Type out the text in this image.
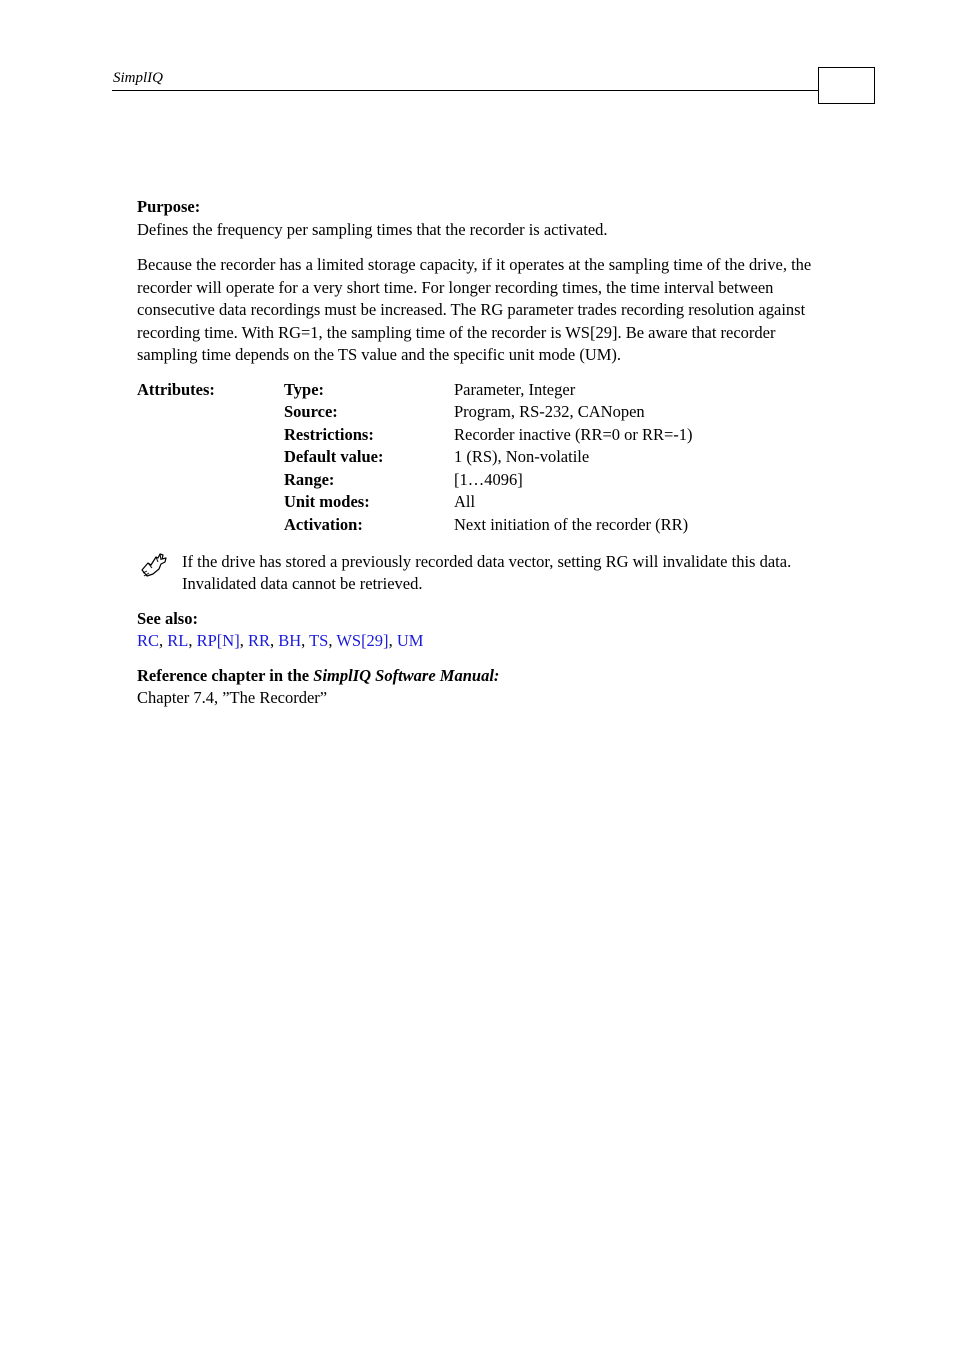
SimplIQ

Purpose:

Defines the frequency per sampling times that the recorder is activated.

Because the recorder has a limited storage capacity, if it operates at the sampling time of the drive, the recorder will operate for a very short time. For longer recording times, the time interval between consecutive data recordings must be increased. The RG parameter trades recording resolution against recording time. With RG=1, the sampling time of the recorder is WS[29]. Be aware that recorder sampling time depends on the TS value and the specific unit mode (UM).

Attributes:	Type:	Parameter, Integer
Source:	Program, RS-232, CANopen
Restrictions:	Recorder inactive (RR=0 or RR=-1)
Default value:	1 (RS), Non-volatile
Range:	[1…4096]
Unit modes:	All
Activation:	Next initiation of the recorder (RR)

If the drive has stored a previously recorded data vector, setting RG will invalidate this data. Invalidated data cannot be retrieved.

See also:

RC, RL, RP[N], RR, BH, TS, WS[29], UM

Reference chapter in the SimplIQ Software Manual:

Chapter 7.4, ”The Recorder”
